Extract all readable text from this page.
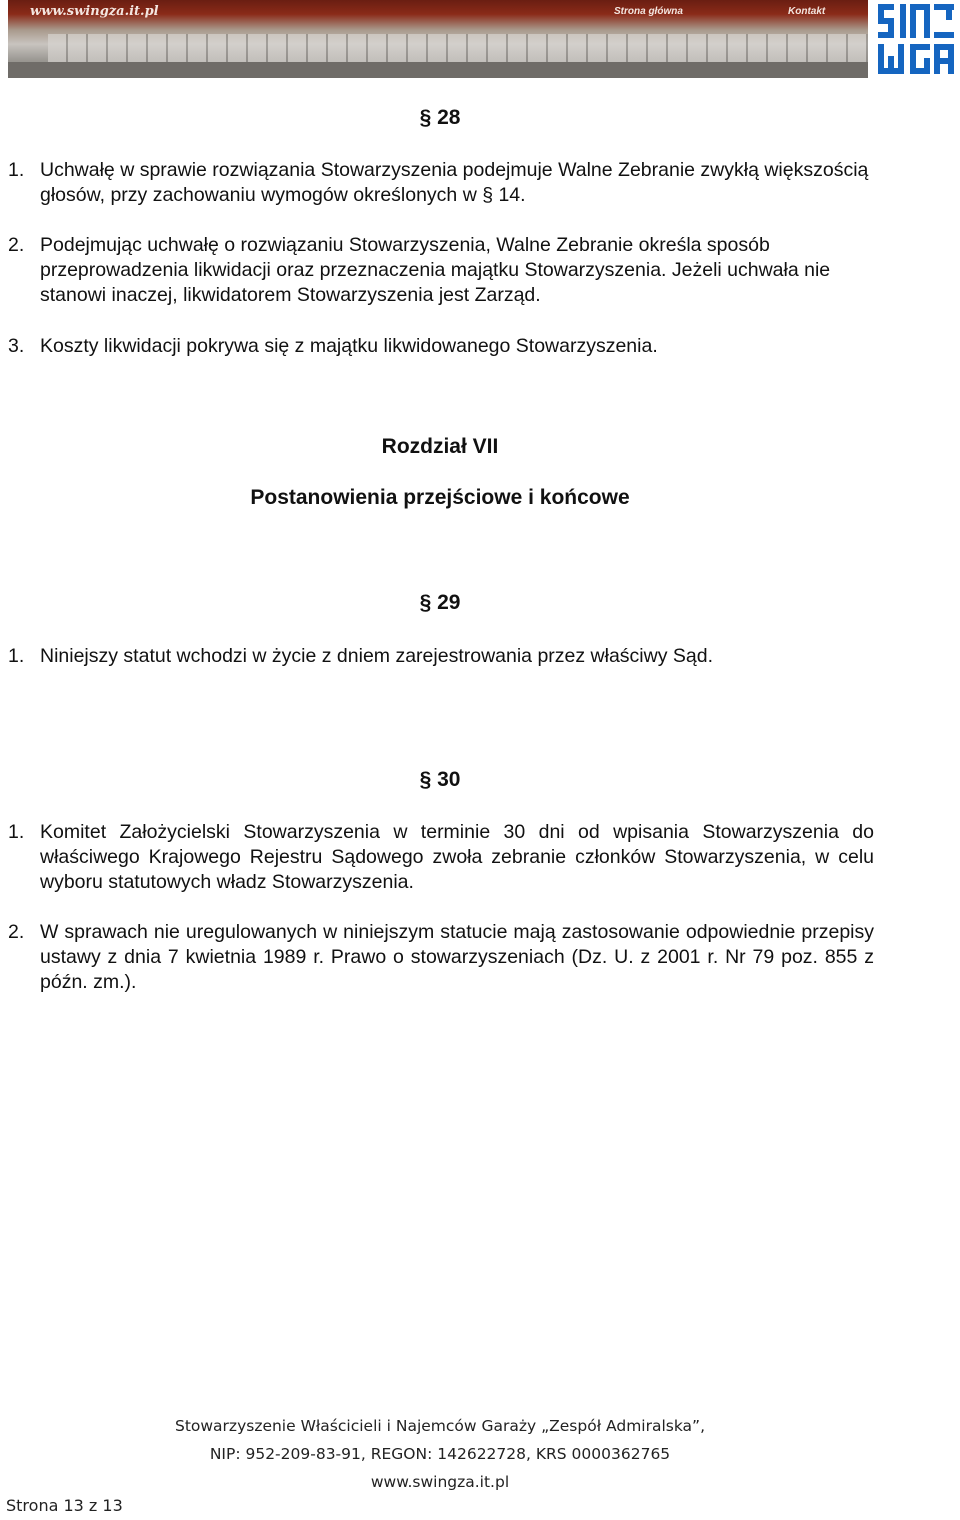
www.swingza.it.pl	Strona główna	Kontakt
§ 28
1. Uchwałę w sprawie rozwiązania Stowarzyszenia podejmuje Walne Zebranie zwykłą większością głosów, przy zachowaniu wymogów określonych w § 14.
2. Podejmując uchwałę o rozwiązaniu Stowarzyszenia, Walne Zebranie określa sposób przeprowadzenia likwidacji oraz przeznaczenia majątku Stowarzyszenia. Jeżeli uchwała nie stanowi inaczej, likwidatorem Stowarzyszenia jest Zarząd.
3. Koszty likwidacji pokrywa się z majątku likwidowanego Stowarzyszenia.
Rozdział VII
Postanowienia przejściowe i końcowe
§ 29
1. Niniejszy statut wchodzi w życie z dniem zarejestrowania przez właściwy Sąd.
§ 30
1. Komitet Założycielski Stowarzyszenia w terminie 30 dni od wpisania Stowarzyszenia do właściwego Krajowego Rejestru Sądowego zwoła zebranie członków Stowarzyszenia, w celu wyboru statutowych władz Stowarzyszenia.
2. W sprawach nie uregulowanych w niniejszym statucie mają zastosowanie odpowiednie przepisy ustawy z dnia 7 kwietnia 1989 r. Prawo o stowarzyszeniach (Dz. U. z 2001 r. Nr 79 poz. 855 z późn. zm.).
Stowarzyszenie Właścicieli i Najemców Garaży „Zespół Admiralska”,
NIP: 952-209-83-91, REGON: 142622728, KRS 0000362765
www.swingza.it.pl
Strona 13 z 13
